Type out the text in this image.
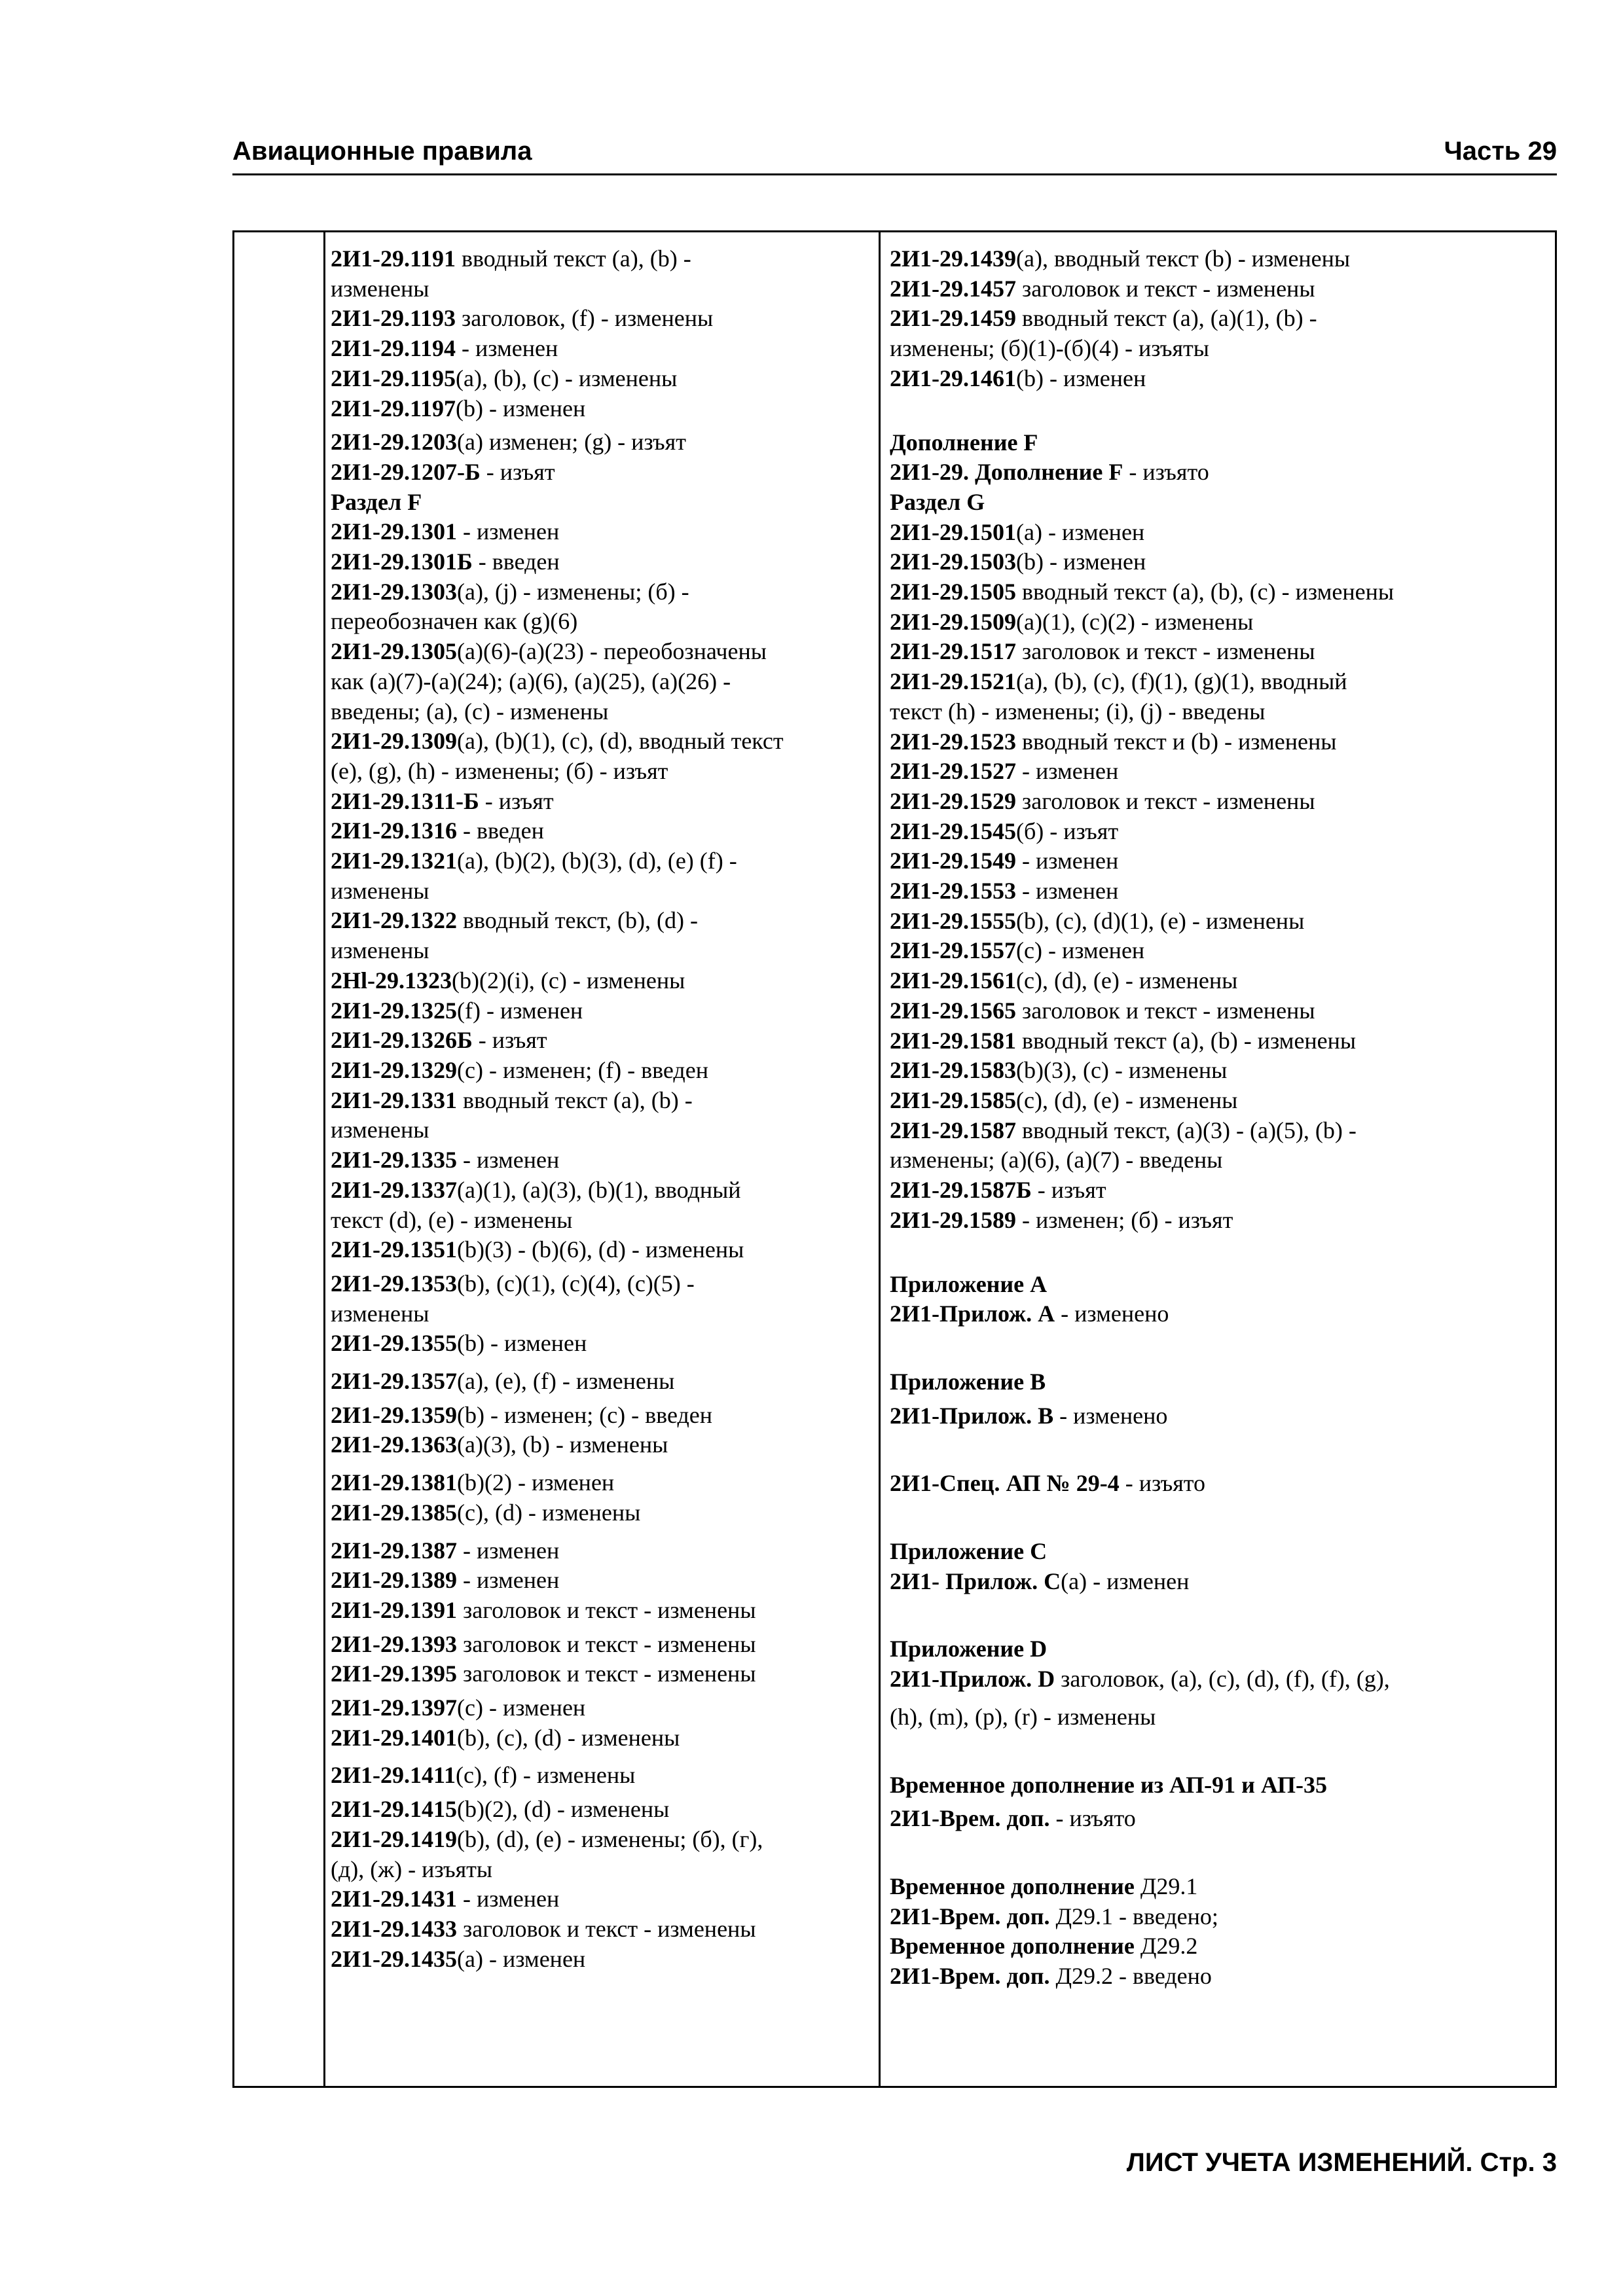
Авиационные правила	Часть 29
2И1-29.1191 вводный текст (a), (b) -
изменены
2И1-29.1193 заголовок, (f) - изменены
2И1-29.1194 - изменен
2И1-29.1195(a), (b), (c) - изменены
2И1-29.1197(b) - изменен
2И1-29.1203(a) изменен; (g) - изъят
2И1-29.1207-Б - изъят
Раздел F
2И1-29.1301 - изменен
2И1-29.1301Б - введен
2И1-29.1303(a), (j) - изменены; (б) -
переобозначен как (g)(6)
2И1-29.1305(a)(6)-(a)(23) - переобозначены
как (a)(7)-(a)(24); (a)(6), (a)(25), (a)(26) -
введены; (a), (c) - изменены
2И1-29.1309(a), (b)(1), (c), (d), вводный текст
(e), (g), (h) - изменены; (б) - изъят
2И1-29.1311-Б - изъят
2И1-29.1316 - введен
2И1-29.1321(a), (b)(2), (b)(3), (d), (e) (f) -
изменены
2И1-29.1322 вводный текст, (b), (d) -
изменены
2Hl-29.1323(b)(2)(i), (c) - изменены
2И1-29.1325(f) - изменен
2И1-29.1326Б - изъят
2И1-29.1329(c) - изменен; (f) - введен
2И1-29.1331 вводный текст (a), (b) -
изменены
2И1-29.1335 - изменен
2И1-29.1337(a)(1), (a)(3), (b)(1), вводный
текст (d), (e) - изменены
2И1-29.1351(b)(3) - (b)(6), (d) - изменены
2И1-29.1353(b), (c)(1), (c)(4), (c)(5) -
изменены
2И1-29.1355(b) - изменен
2И1-29.1357(a), (e), (f) - изменены
2И1-29.1359(b) - изменен; (c) - введен
2И1-29.1363(a)(3), (b) - изменены
2И1-29.1381(b)(2) - изменен
2И1-29.1385(c), (d) - изменены
2И1-29.1387 - изменен
2И1-29.1389 - изменен
2И1-29.1391 заголовок и текст - изменены
2И1-29.1393 заголовок и текст - изменены
2И1-29.1395 заголовок и текст - изменены
2И1-29.1397(c) - изменен
2И1-29.1401(b), (c), (d) - изменены
2И1-29.1411(c), (f) - изменены
2И1-29.1415(b)(2), (d) - изменены
2И1-29.1419(b), (d), (e) - изменены; (б), (г),
(д), (ж) - изъяты
2И1-29.1431 - изменен
2И1-29.1433 заголовок и текст - изменены
2И1-29.1435(a) - изменен
2И1-29.1439(a), вводный текст (b) - изменены
2И1-29.1457 заголовок и текст - изменены
2И1-29.1459 вводный текст (a), (a)(1), (b) -
изменены; (б)(1)-(б)(4) - изъяты
2И1-29.1461(b) - изменен
Дополнение F
2И1-29. Дополнение F - изъято
Раздел G
2И1-29.1501(a) - изменен
2И1-29.1503(b) - изменен
2И1-29.1505 вводный текст (a), (b), (c) - изменены
2И1-29.1509(a)(1), (c)(2) - изменены
2И1-29.1517 заголовок и текст - изменены
2И1-29.1521(a), (b), (c), (f)(1), (g)(1), вводный
текст (h) - изменены; (i), (j) - введены
2И1-29.1523 вводный текст и (b) - изменены
2И1-29.1527 - изменен
2И1-29.1529 заголовок и текст - изменены
2И1-29.1545(б) - изъят
2И1-29.1549 - изменен
2И1-29.1553 - изменен
2И1-29.1555(b), (c), (d)(1), (e) - изменены
2И1-29.1557(c) - изменен
2И1-29.1561(c), (d), (e) - изменены
2И1-29.1565 заголовок и текст - изменены
2И1-29.1581 вводный текст (a), (b) - изменены
2И1-29.1583(b)(3), (c) - изменены
2И1-29.1585(c), (d), (e) - изменены
2И1-29.1587 вводный текст, (a)(3) - (a)(5), (b) -
изменены; (a)(6), (a)(7) - введены
2И1-29.1587Б - изъят
2И1-29.1589 - изменен; (б) - изъят
Приложение А
2И1-Прилож. А - изменено
Приложение В
2И1-Прилож. В - изменено
2И1-Спец. АП № 29-4 - изъято
Приложение С
2И1- Прилож. С(a) - изменен
Приложение D
2И1-Прилож. D заголовок, (a), (c), (d), (f), (f), (g),
(h), (m), (p), (r) - изменены
Временное дополнение из АП-91 и АП-35
2И1-Врем. доп. - изъято
Временное дополнение Д29.1
2И1-Врем. доп. Д29.1 - введено;
Временное дополнение Д29.2
2И1-Врем. доп. Д29.2 - введено
ЛИСТ УЧЕТА ИЗМЕНЕНИЙ. Стр. 3
